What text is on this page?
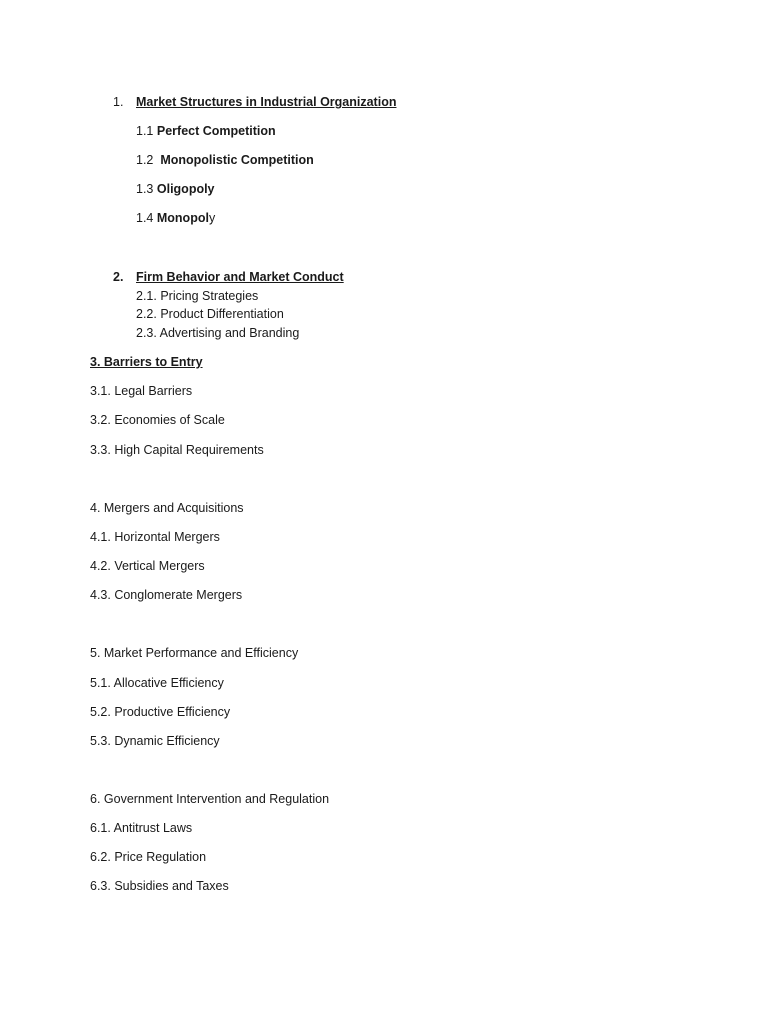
1. Market Structures in Industrial Organization
1.1 Perfect Competition
1.2 Monopolistic Competition
1.3 Oligopoly
1.4 Monopoly
2. Firm Behavior and Market Conduct
2.1. Pricing Strategies
2.2. Product Differentiation
2.3. Advertising and Branding
3. Barriers to Entry
3.1. Legal Barriers
3.2. Economies of Scale
3.3. High Capital Requirements
4. Mergers and Acquisitions
4.1. Horizontal Mergers
4.2. Vertical Mergers
4.3. Conglomerate Mergers
5. Market Performance and Efficiency
5.1. Allocative Efficiency
5.2. Productive Efficiency
5.3. Dynamic Efficiency
6. Government Intervention and Regulation
6.1. Antitrust Laws
6.2. Price Regulation
6.3. Subsidies and Taxes
